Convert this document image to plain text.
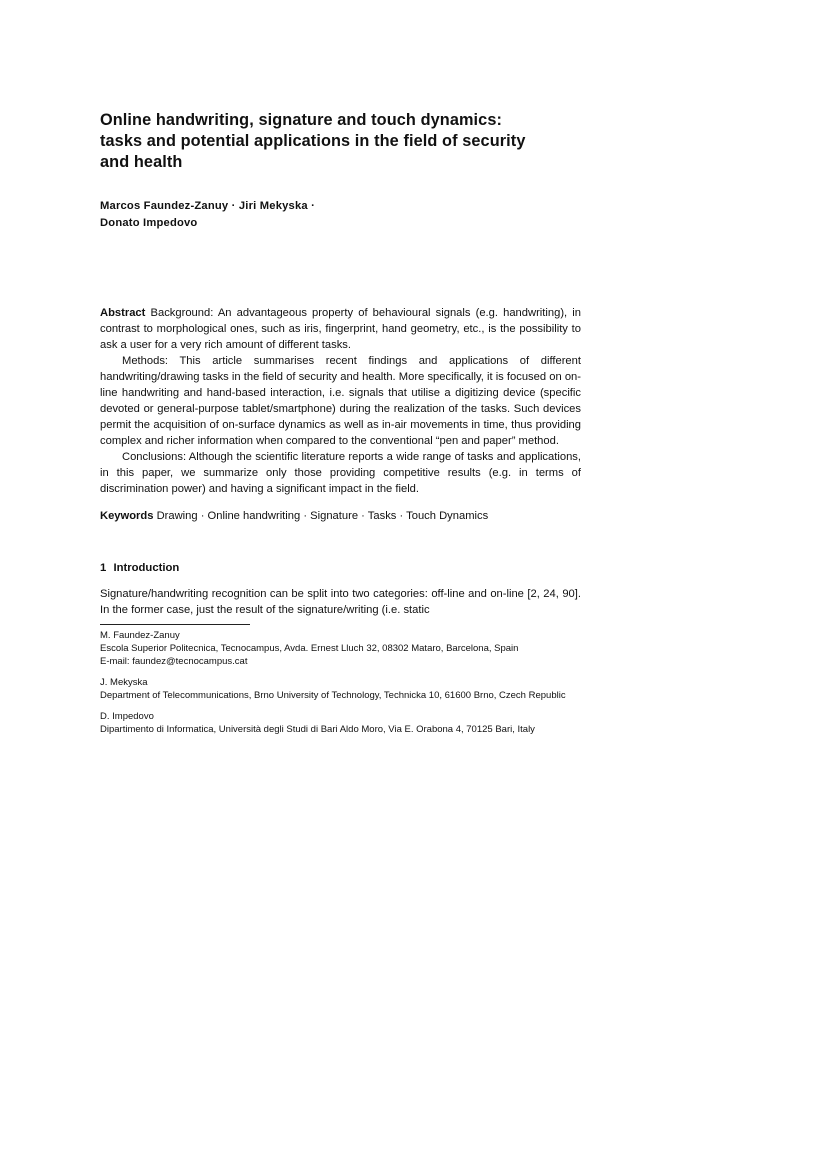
Online handwriting, signature and touch dynamics:
tasks and potential applications in the field of security
and health
Marcos Faundez-Zanuy · Jiri Mekyska ·
Donato Impedovo

Abstract Background: An advantageous property of behavioural signals (e.g. handwriting), in contrast to morphological ones, such as iris, fingerprint, hand geometry, etc., is the possibility to ask a user for a very rich amount of different tasks.

Methods: This article summarises recent findings and applications of different handwriting/drawing tasks in the field of security and health. More specifically, it is focused on on-line handwriting and hand-based interaction, i.e. signals that utilise a digitizing device (specific devoted or general-purpose tablet/smartphone) during the realization of the tasks. Such devices permit the acquisition of on-surface dynamics as well as in-air movements in time, thus providing complex and richer information when compared to the conventional “pen and paper” method.

Conclusions: Although the scientific literature reports a wide range of tasks and applications, in this paper, we summarize only those providing competitive results (e.g. in terms of discrimination power) and having a significant impact in the field.

Keywords Drawing · Online handwriting · Signature · Tasks · Touch Dynamics
1 Introduction
Signature/handwriting recognition can be split into two categories: off-line and on-line [2, 24, 90]. In the former case, just the result of the signature/writing (i.e. static
M. Faundez-Zanuy
Escola Superior Politecnica, Tecnocampus, Avda. Ernest Lluch 32, 08302 Mataro, Barcelona, Spain
E-mail: faundez@tecnocampus.cat
J. Mekyska
Department of Telecommunications, Brno University of Technology, Technicka 10, 61600 Brno, Czech Republic
D. Impedovo
Dipartimento di Informatica, Università degli Studi di Bari Aldo Moro, Via E. Orabona 4, 70125 Bari, Italy
